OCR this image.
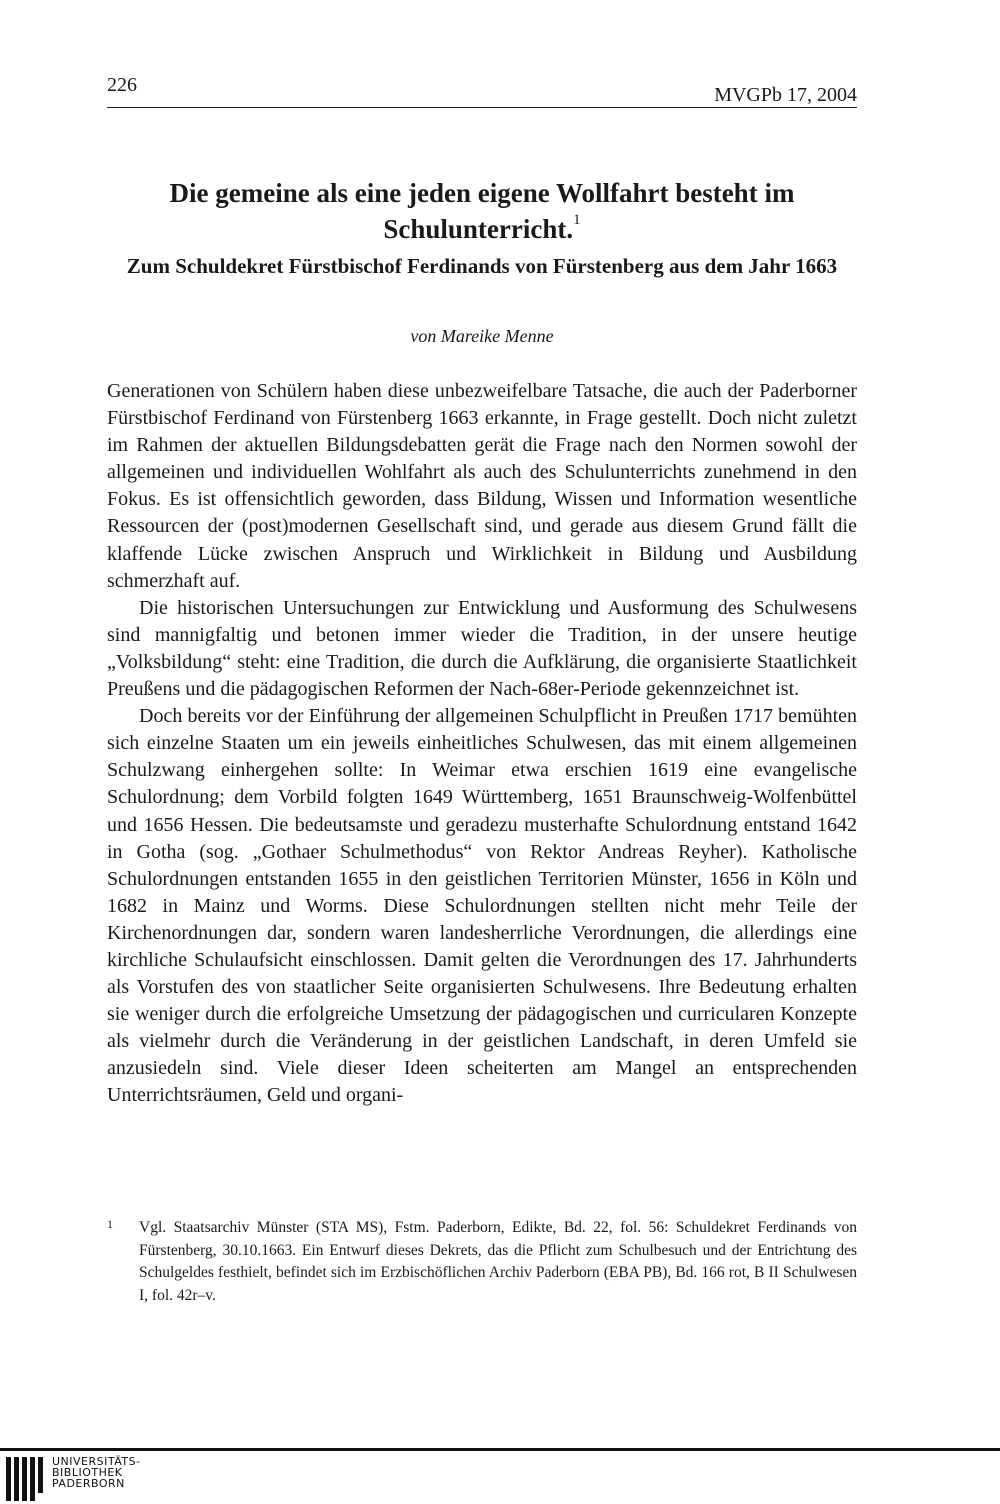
226	MVGPb 17, 2004
Die gemeine als eine jeden eigene Wollfahrt besteht im Schulunterricht.$^1$
Zum Schuldekret Fürstbischof Ferdinands von Fürstenberg aus dem Jahr 1663
von Mareike Menne

Generationen von Schülern haben diese unbezweifelbare Tatsache, die auch der Paderborner Fürstbischof Ferdinand von Fürstenberg 1663 erkannte, in Frage gestellt. Doch nicht zuletzt im Rahmen der aktuellen Bildungsdebatten gerät die Frage nach den Normen sowohl der allgemeinen und individuellen Wohlfahrt als auch des Schulunterrichts zunehmend in den Fokus. Es ist offensichtlich geworden, dass Bildung, Wissen und Information wesentliche Ressourcen der (post)modernen Gesellschaft sind, und gerade aus diesem Grund fällt die klaffende Lücke zwischen Anspruch und Wirklichkeit in Bildung und Ausbildung schmerzhaft auf.

Die historischen Untersuchungen zur Entwicklung und Ausformung des Schulwesens sind mannigfaltig und betonen immer wieder die Tradition, in der unsere heutige „Volksbildung“ steht: eine Tradition, die durch die Aufklärung, die organisierte Staatlichkeit Preußens und die pädagogischen Reformen der Nach-68er-Periode gekennzeichnet ist.

Doch bereits vor der Einführung der allgemeinen Schulpflicht in Preußen 1717 bemühten sich einzelne Staaten um ein jeweils einheitliches Schulwesen, das mit einem allgemeinen Schulzwang einhergehen sollte: In Weimar etwa erschien 1619 eine evangelische Schulordnung; dem Vorbild folgten 1649 Württemberg, 1651 Braunschweig-Wolfenbüttel und 1656 Hessen. Die bedeutsamste und geradezu musterhafte Schulordnung entstand 1642 in Gotha (sog. „Gothaer Schulmethodus“ von Rektor Andreas Reyher). Katholische Schulordnungen entstanden 1655 in den geistlichen Territorien Münster, 1656 in Köln und 1682 in Mainz und Worms. Diese Schulordnungen stellten nicht mehr Teile der Kirchenordnungen dar, sondern waren landesherrliche Verordnungen, die allerdings eine kirchliche Schulaufsicht einschlossen. Damit gelten die Verordnungen des 17. Jahrhunderts als Vorstufen des von staatlicher Seite organisierten Schulwesens. Ihre Bedeutung erhalten sie weniger durch die erfolgreiche Umsetzung der pädagogischen und curricularen Konzepte als vielmehr durch die Veränderung in der geistlichen Landschaft, in deren Umfeld sie anzusiedeln sind. Viele dieser Ideen scheiterten am Mangel an entsprechenden Unterrichtsräumen, Geld und organi-

1 Vgl. Staatsarchiv Münster (STA MS), Fstm. Paderborn, Edikte, Bd. 22, fol. 56: Schuldekret Ferdinands von Fürstenberg, 30.10.1663. Ein Entwurf dieses Dekrets, das die Pflicht zum Schulbesuch und der Entrichtung des Schulgeldes festhielt, befindet sich im Erzbischöflichen Archiv Paderborn (EBA PB), Bd. 166 rot, B II Schulwesen I, fol. 42r–v.
UNIVERSITÄTS-
BIBLIOTHEK
PADERBORN
